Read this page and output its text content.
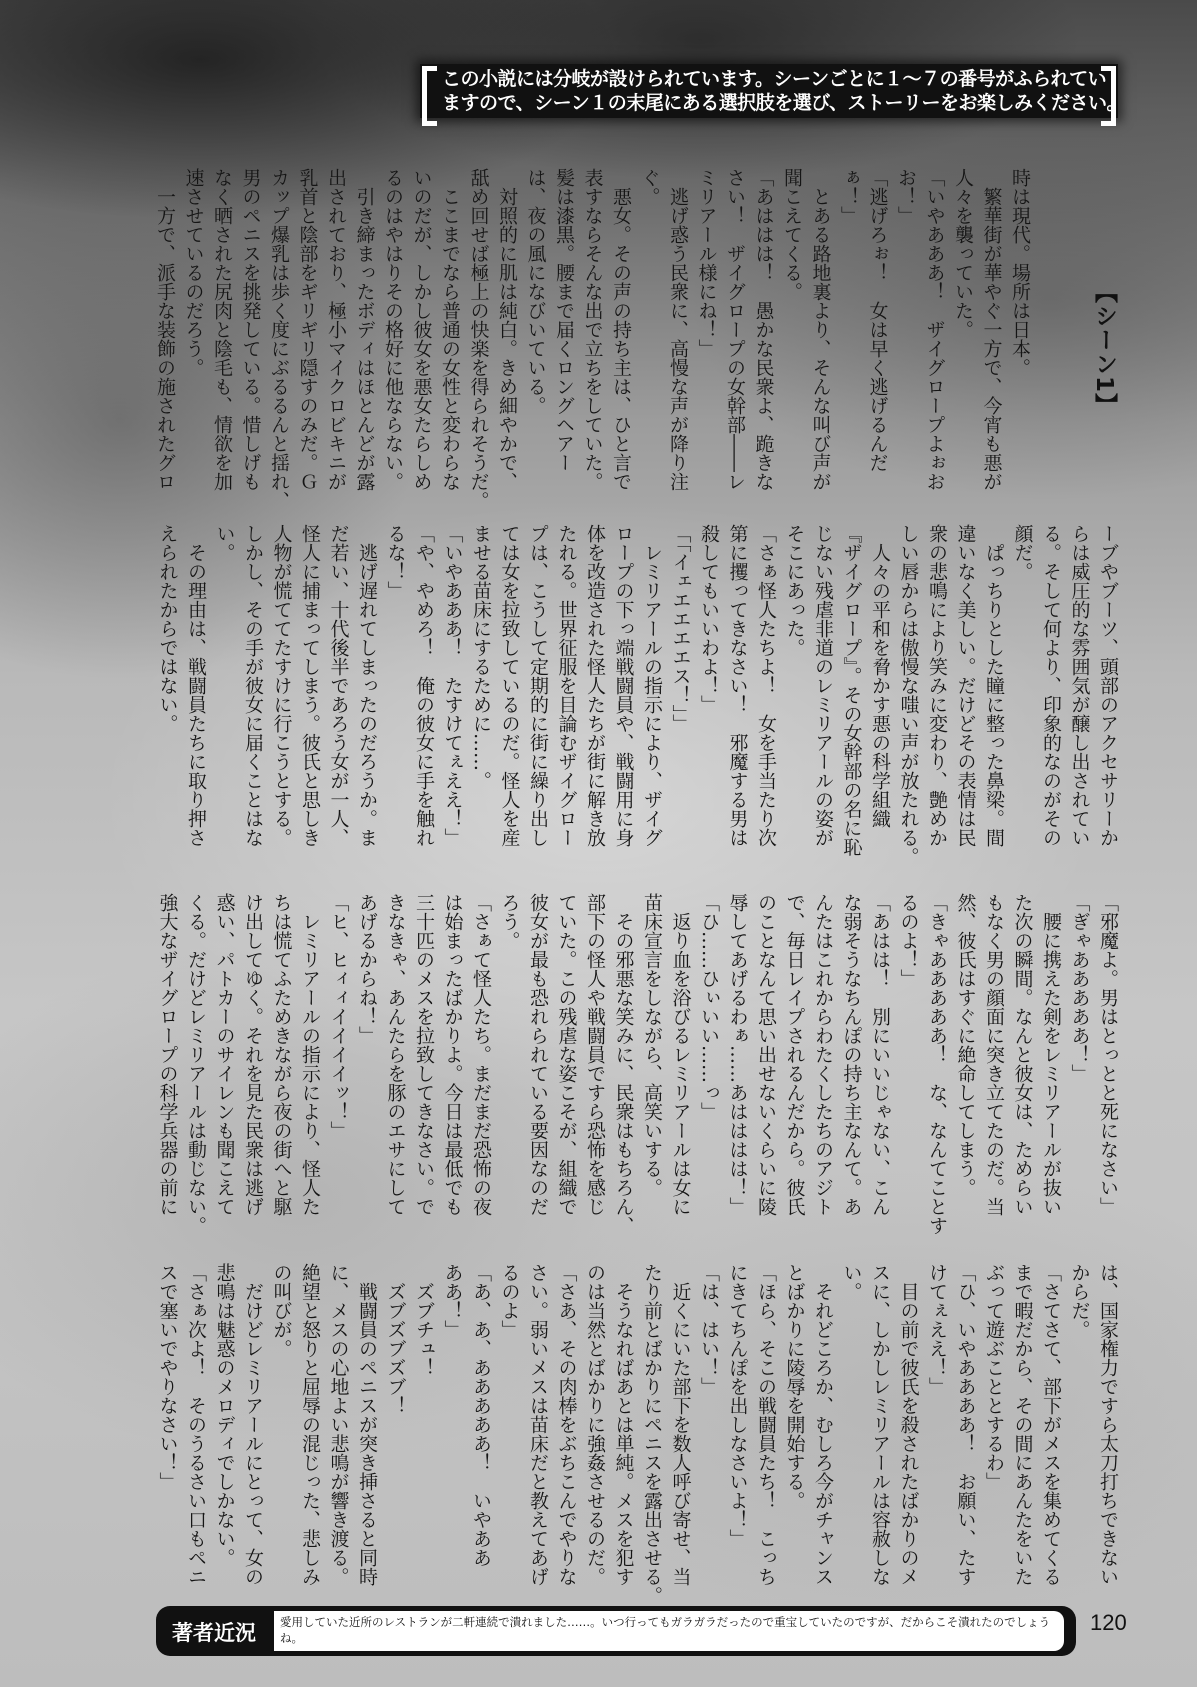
この小説には分岐が設けられています。シーンごとに１～７の番号がふられてい
ますので、シーン１の末尾にある選択肢を選び、ストーリーをお楽しみください。
【シーン1】
時は現代。場所は日本。
　繁華街が華やぐ一方で、今宵も悪が
人々を襲っていた。
「いやあああ！　ザイグロープよぉお
お！」
「逃げろぉ！　女は早く逃げるんだ
ぁ！」
　とある路地裏より、そんな叫び声が
聞こえてくる。
「あははは！　愚かな民衆よ、跪きな
さい！　ザイグロープの女幹部――レ
ミリアール様にね！」
　逃げ惑う民衆に、高慢な声が降り注
ぐ。
　悪女。その声の持ち主は、ひと言で
表すならそんな出で立ちをしていた。
髪は漆黒。腰まで届くロングヘアー
は、夜の風になびいている。
　対照的に肌は純白。きめ細やかで、
舐め回せば極上の快楽を得られそうだ。
　ここまでなら普通の女性と変わらな
いのだが、しかし彼女を悪女たらしめ
るのはやはりその格好に他ならない。
　引き締まったボディはほとんどが露
出されており、極小マイクロビキニが
乳首と陰部をギリギリ隠すのみだ。Ｇ
カップ爆乳は歩く度にぶるるんと揺れ、
男のペニスを挑発している。惜しげも
なく晒された尻肉と陰毛も、情欲を加
速させているのだろう。
　一方で、派手な装飾の施されたグロ
ーブやブーツ、頭部のアクセサリーか
らは威圧的な雰囲気が醸し出されてい
る。そして何より、印象的なのがその
顔だ。
　ぱっちりとした瞳に整った鼻梁。間
違いなく美しい。だけどその表情は民
衆の悲鳴により笑みに変わり、艶めか
しい唇からは傲慢な嗤い声が放たれる。
　人々の平和を脅かす悪の科学組織
『ザイグロープ』。その女幹部の名に恥
じない残虐非道のレミリアールの姿が
そこにあった。
「さぁ怪人たちよ！　女を手当たり次
第に攫ってきなさい！　邪魔する男は
殺してもいいわよ！」
「「イェエエエエス！」」
　レミリアールの指示により、ザイグ
ロープの下っ端戦闘員や、戦闘用に身
体を改造された怪人たちが街に解き放
たれる。世界征服を目論むザイグロー
プは、こうして定期的に街に繰り出し
ては女を拉致しているのだ。怪人を産
ませる苗床にするために……。
「いやあああ！　たすけてぇええ！」
「や、やめろ！　俺の彼女に手を触れ
るな！」
　逃げ遅れてしまったのだろうか。ま
だ若い、十代後半であろう女が一人、
怪人に捕まってしまう。彼氏と思しき
人物が慌ててたすけに行こうとする。
しかし、その手が彼女に届くことはな
い。
　その理由は、戦闘員たちに取り押さ
えられたからではない。
「邪魔よ。男はとっとと死になさい」
「ぎゃあああああ！」
　腰に携えた剣をレミリアールが抜い
た次の瞬間。なんと彼女は、ためらい
もなく男の顔面に突き立てたのだ。当
然、彼氏はすぐに絶命してしまう。
「きゃあああああ！　な、なんてことす
るのよ！」
「あはは！　別にいいじゃない、こん
な弱そうなちんぽの持ち主なんて。あ
んたはこれからわたくしたちのアジト
で、毎日レイプされるんだから。彼氏
のことなんて思い出せないくらいに陵
辱してあげるわぁ……あはははは！」
「ひ……ひぃいい……っ」
　返り血を浴びるレミリアールは女に
苗床宣言をしながら、高笑いする。
　その邪悪な笑みに、民衆はもちろん、
部下の怪人や戦闘員ですら恐怖を感じ
ていた。この残虐な姿こそが、組織で
彼女が最も恐れられている要因なのだ
ろう。
「さぁて怪人たち。まだまだ恐怖の夜
は始まったばかりよ。今日は最低でも
三十匹のメスを拉致してきなさい。で
きなきゃ、あんたらを豚のエサにして
あげるからね！」
「ヒ、ヒィィイイイイッ！」
　レミリアールの指示により、怪人た
ちは慌てふためきながら夜の街へと駆
け出してゆく。それを見た民衆は逃げ
惑い、パトカーのサイレンも聞こえて
くる。だけどレミリアールは動じない。
強大なザイグロープの科学兵器の前に
は、国家権力ですら太刀打ちできない
からだ。
「さてさて、部下がメスを集めてくる
まで暇だから、その間にあんたをいた
ぶって遊ぶこととするわ」
「ひ、いやああああ！　お願い、たす
けてぇええ！」
　目の前で彼氏を殺されたばかりのメ
スに、しかしレミリアールは容赦しな
い。
　それどころか、むしろ今がチャンス
とばかりに陵辱を開始する。
「ほら、そこの戦闘員たち！　こっち
にきてちんぽを出しなさいよ！」
「は、はい！」
　近くにいた部下を数人呼び寄せ、当
たり前とばかりにペニスを露出させる。
　そうなればあとは単純。メスを犯す
のは当然とばかりに強姦させるのだ。
「さあ、その肉棒をぶちこんでやりな
さい。弱いメスは苗床だと教えてあげ
るのよ」
「あ、あ、あああああ！　いやああ
ああ！」
　ズブチュ！
　ズブズブズブ！
　戦闘員のペニスが突き挿さると同時
に、メスの心地よい悲鳴が響き渡る。
絶望と怒りと屈辱の混じった、悲しみ
の叫びが。
　だけどレミリアールにとって、女の
悲鳴は魅惑のメロディでしかない。
「さぁ次よ！　そのうるさい口もペニ
スで塞いでやりなさい！」
著者近況	愛用していた近所のレストランが二軒連続で潰れました……。いつ行ってもガラガラだったので重宝していたのですが、だからこそ潰れたのでしょうね。
120
